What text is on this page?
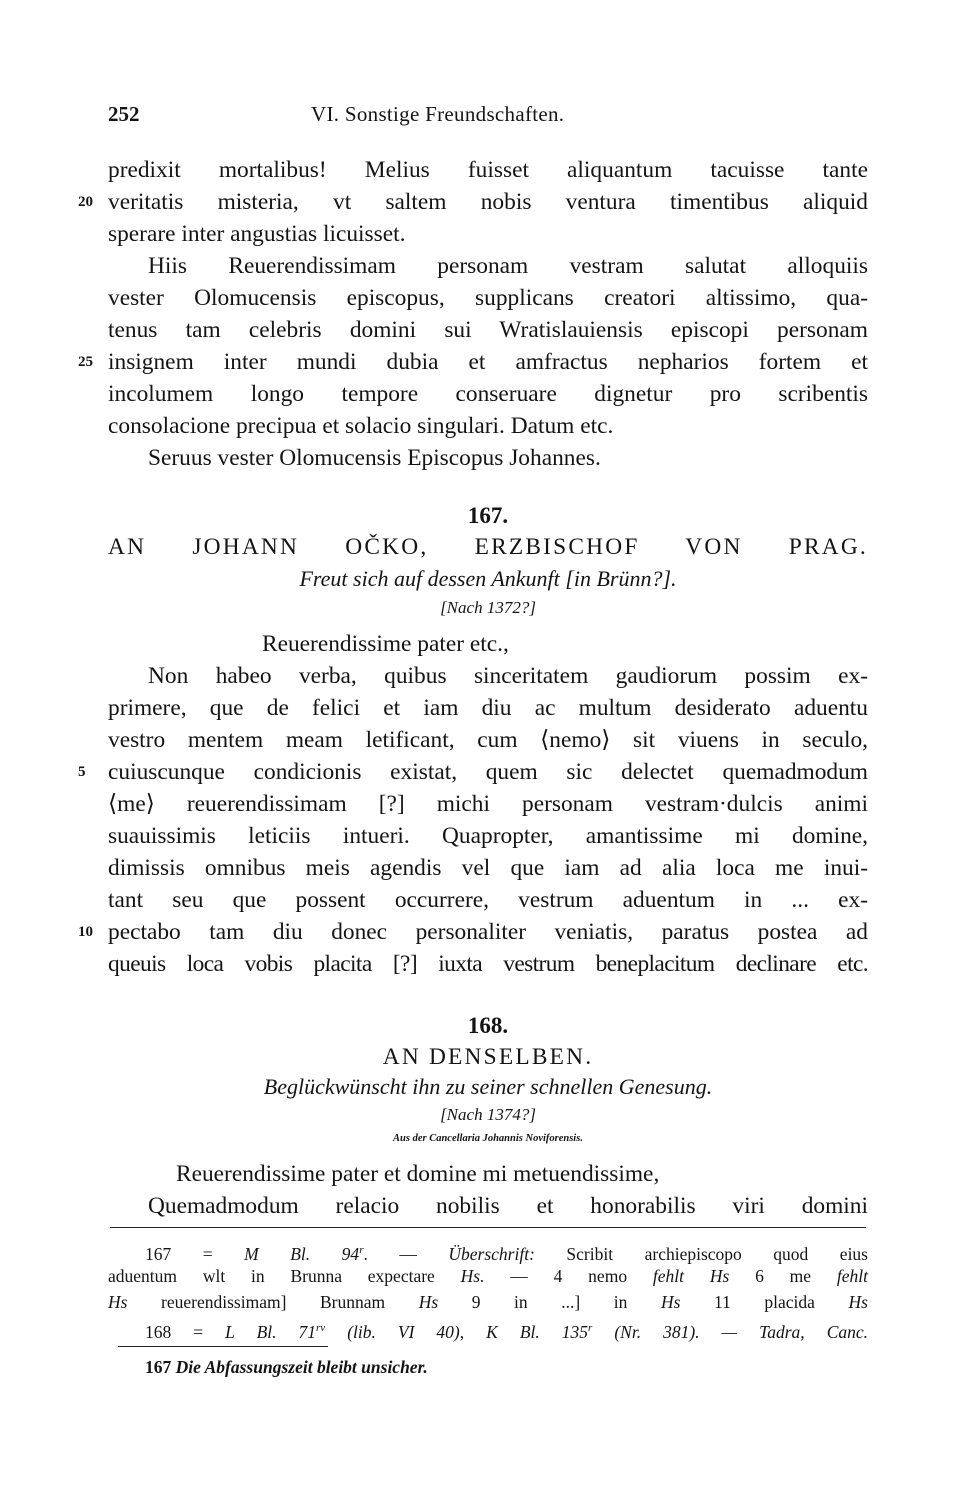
252	VI. Sonstige Freundschaften.
predixit mortalibus! Melius fuisset aliquantum tacuisse tante
20 veritatis misteria, vt saltem nobis ventura timentibus aliquid
sperare inter angustias licuisset.
Hiis Reuerendissimam personam vestram salutat alloquiis
vester Olomucensis episcopus, supplicans creatori altissimo, qua-
tenus tam celebris domini sui Wratislauiensis episcopi personam
25 insignem inter mundi dubia et amfractus nepharios fortem et
incolumem longo tempore conseruare dignetur pro scribentis
consolacione precipua et solacio singulari. Datum etc.
Seruus vester Olomucensis Episcopus Johannes.
167.
AN JOHANN OČKO, ERZBISCHOF VON PRAG.
Freut sich auf dessen Ankunft [in Brünn?].
[Nach 1372?]
Reuerendissime pater etc.,
Non habeo verba, quibus sinceritatem gaudiorum possim ex-
primere, que de felici et iam diu ac multum desiderato aduentu
vestro mentem meam letificant, cum ⟨nemo⟩ sit viuens in seculo,
5 cuiuscunque condicionis existat, quem sic delectet quemadmodum
⟨me⟩ reuerendissimam [?] michi personam vestram·dulcis animi
suauissimis leticiis intueri. Quapropter, amantissime mi domine,
dimissis omnibus meis agendis vel que iam ad alia loca me inui-
tant seu que possent occurrere, vestrum aduentum in ... ex-
10 pectabo tam diu donec personaliter veniatis, paratus postea ad
queuis loca vobis placita [?] iuxta vestrum beneplacitum declinare etc.
168.
AN DENSELBEN.
Beglückwünscht ihn zu seiner schnellen Genesung.
[Nach 1374?]
Aus der Cancellaria Johannis Noviforensis.
Reuerendissime pater et domine mi metuendissime,
Quemadmodum relacio nobilis et honorabilis viri domini
167 = M Bl. 94$^r$. — Überschrift: Scribit archiepiscopo quod eius
aduentum wlt in Brunna expectare Hs. — 4 nemo fehlt Hs 6 me fehlt
Hs reuerendissimam] Brunnam Hs 9 in ...] in Hs 11 placida Hs
168 = L Bl. $71^{rv}$ (lib. VI 40), K Bl. 135$^r$ (Nr. 381). — Tadra, Canc.
167 Die Abfassungszeit bleibt unsicher.
